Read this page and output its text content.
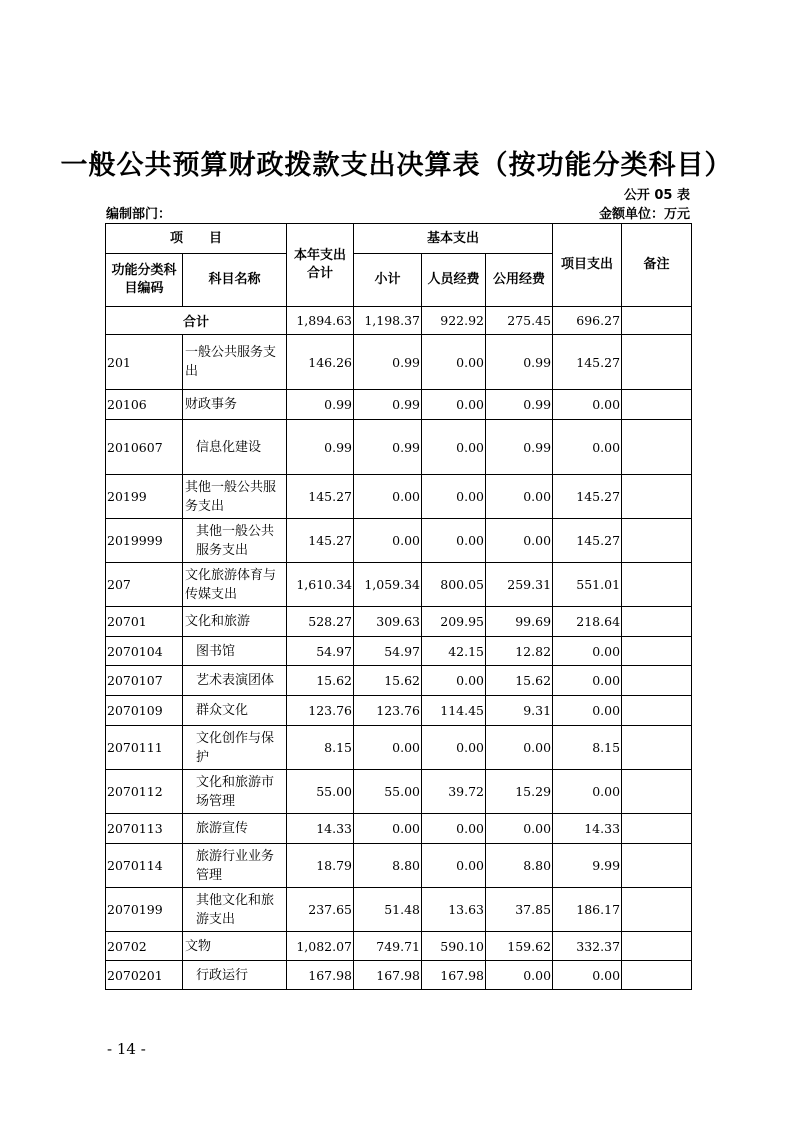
一般公共预算财政拨款支出决算表（按功能分类科目）
公开 05 表
编制部门：	金额单位：万元
项　　目		本年支出合计	基本支出			项目支出	备注
功能分类科目编码	科目名称		小计	人员经费	公用经费		
合计		1,894.63	1,198.37	922.92	275.45	696.27	
201	一般公共服务支出	146.26	0.99	0.00	0.99	145.27	
20106	财政事务	0.99	0.99	0.00	0.99	0.00	
2010607	信息化建设	0.99	0.99	0.00	0.99	0.00	
20199	其他一般公共服务支出	145.27	0.00	0.00	0.00	145.27	
2019999	其他一般公共服务支出	145.27	0.00	0.00	0.00	145.27	
207	文化旅游体育与传媒支出	1,610.34	1,059.34	800.05	259.31	551.01	
20701	文化和旅游	528.27	309.63	209.95	99.69	218.64	
2070104	图书馆	54.97	54.97	42.15	12.82	0.00	
2070107	艺术表演团体	15.62	15.62	0.00	15.62	0.00	
2070109	群众文化	123.76	123.76	114.45	9.31	0.00	
2070111	文化创作与保护	8.15	0.00	0.00	0.00	8.15	
2070112	文化和旅游市场管理	55.00	55.00	39.72	15.29	0.00	
2070113	旅游宣传	14.33	0.00	0.00	0.00	14.33	
2070114	旅游行业业务管理	18.79	8.80	0.00	8.80	9.99	
2070199	其他文化和旅游支出	237.65	51.48	13.63	37.85	186.17	
20702	文物	1,082.07	749.71	590.10	159.62	332.37	
2070201	行政运行	167.98	167.98	167.98	0.00	0.00	
- 14 -
